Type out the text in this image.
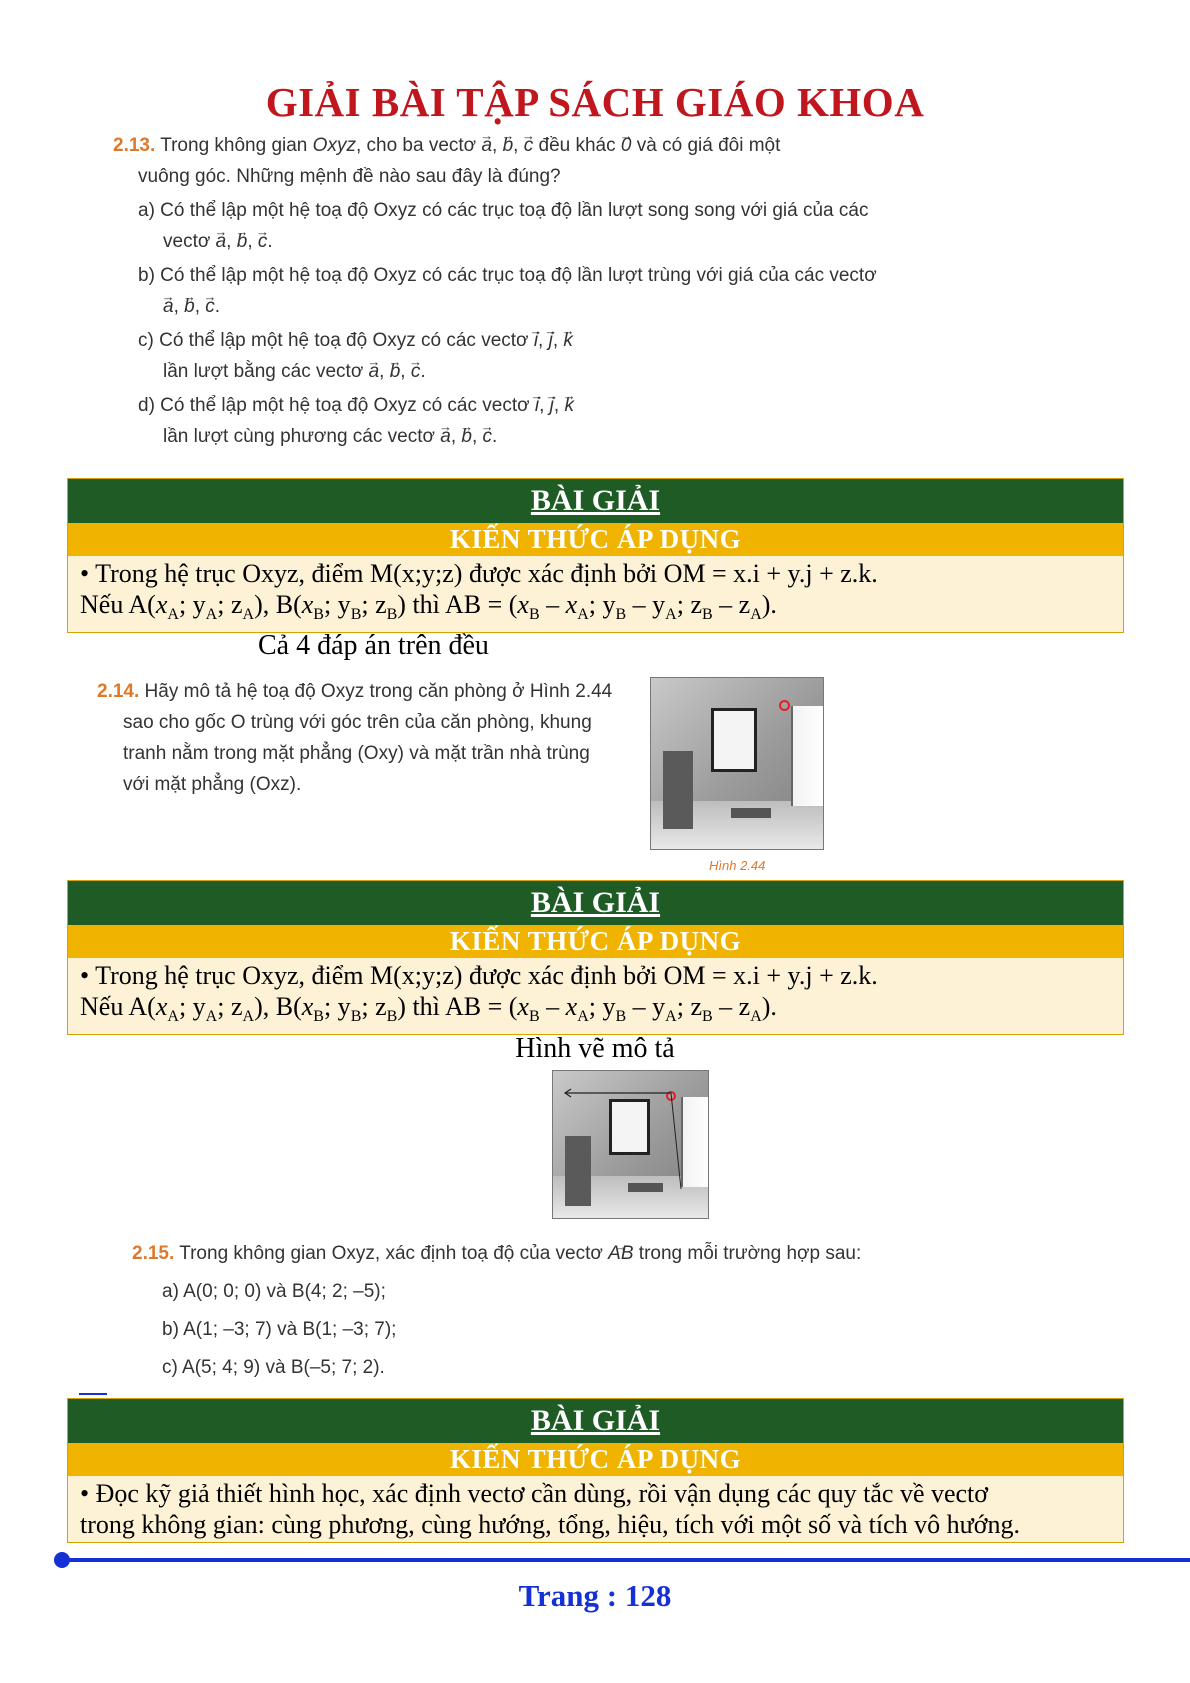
GIẢI BÀI TẬP SÁCH GIÁO KHOA
2.13. Trong không gian Oxyz, cho ba vectơ → a, → b, → c đều khác → 0 và có giá đôi một
vuông góc. Những mệnh đề nào sau đây là đúng?
a) Có thể lập một hệ toạ độ Oxyz có các trục toạ độ lần lượt song song với giá của các
vectơ → a, → b, → c.
b) Có thể lập một hệ toạ độ Oxyz có các trục toạ độ lần lượt trùng với giá của các vectơ
→ a, → b, → c.
c) Có thể lập một hệ toạ độ Oxyz có các vectơ → i, → j, → k
lần lượt bằng các vectơ → a, → b, → c.
d) Có thể lập một hệ toạ độ Oxyz có các vectơ → i, → j, → k
lần lượt cùng phương các vectơ → a, → b, → c.
BÀI GIẢI
KIẾN THỨC ÁP DỤNG
• Trong hệ trục Oxyz, điểm M(x;y;z) được xác định bởi OM = x.i + y.j + z.k.
Nếu $A(x_A$; $y_A$; $z_A$), $B(x_B$; $y_B$; $z_B$) thì AB = ($x_B - x_A$; $y_B - y_A$; $z_B - z_A$).
Cả 4 đáp án trên đều
2.14. Hãy mô tả hệ toạ độ Oxyz trong căn phòng ở Hình 2.44
sao cho gốc O trùng với góc trên của căn phòng, khung
tranh nằm trong mặt phẳng (Oxy) và mặt trần nhà trùng
với mặt phẳng (Oxz).
Hình 2.44
BÀI GIẢI
KIẾN THỨC ÁP DỤNG
• Trong hệ trục Oxyz, điểm M(x;y;z) được xác định bởi OM = x.i + y.j + z.k.
Nếu $A(x_A$; $y_A$; $z_A$), $B(x_B$; $y_B$; $z_B$) thì AB = ($x_B - x_A$; $y_B - y_A$; $z_B - z_A$).
Hình vẽ mô tả
2.15. Trong không gian Oxyz, xác định toạ độ của vectơ → AB trong mỗi trường hợp sau:
a) A(0; 0; 0) và B(4; 2; –5);
b) A(1; –3; 7) và B(1; –3; 7);
c) A(5; 4; 9) và B(–5; 7; 2).
BÀI GIẢI
KIẾN THỨC ÁP DỤNG
• Đọc kỹ giả thiết hình học, xác định vectơ cần dùng, rồi vận dụng các quy tắc về vectơ
trong không gian: cùng phương, cùng hướng, tổng, hiệu, tích với một số và tích vô hướng.
Trang : 128
